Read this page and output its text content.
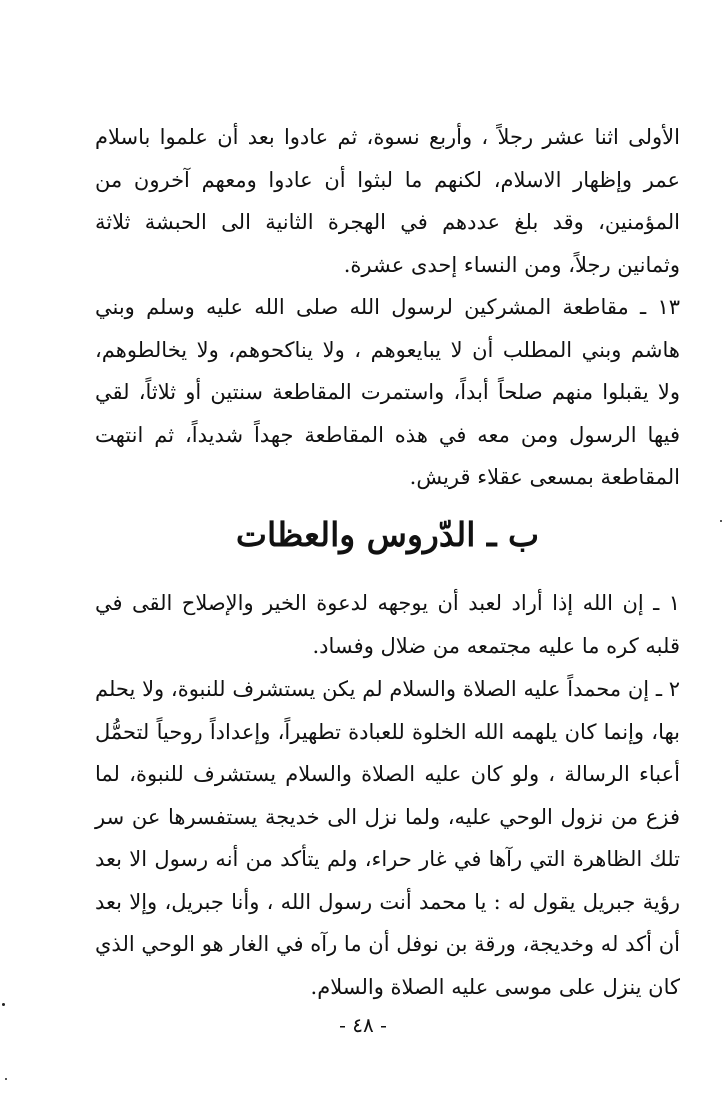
الأولى اثنا عشر رجلاً ، وأربع نسوة، ثم عادوا بعد أن علموا باسلام عمر وإظهار الاسلام، لكنهم ما لبثوا أن عادوا ومعهم آخرون من المؤمنين، وقد بلغ عددهم في الهجرة الثانية الى الحبشة ثلاثة وثمانين رجلاً، ومن النساء إحدى عشرة.

١٣ ـ مقاطعة المشركين لرسول الله صلى الله عليه وسلم وبني هاشم وبني المطلب أن لا يبايعوهم ، ولا يناكحوهم، ولا يخالطوهم، ولا يقبلوا منهم صلحاً أبداً، واستمرت المقاطعة سنتين أو ثلاثاً، لقي فيها الرسول ومن معه في هذه المقاطعة جهداً شديداً، ثم انتهت المقاطعة بمسعى عقلاء قريش.

ب ـ الدّروس والعظات

١ ـ إن الله إذا أراد لعبد أن يوجهه لدعوة الخير والإصلاح القى في قلبه كره ما عليه مجتمعه من ضلال وفساد.

٢ ـ إن محمداً عليه الصلاة والسلام لم يكن يستشرف للنبوة، ولا يحلم بها، وإنما كان يلهمه الله الخلوة للعبادة تطهيراً، وإعداداً روحياً لتحمُّل أعباء الرسالة ، ولو كان عليه الصلاة والسلام يستشرف للنبوة، لما فزع من نزول الوحي عليه، ولما نزل الى خديجة يستفسرها عن سر تلك الظاهرة التي رآها في غار حراء، ولم يتأكد من أنه رسول الا بعد رؤية جبريل يقول له : يا محمد أنت رسول الله ، وأنا جبريل، وإلا بعد أن أكد له وخديجة، ورقة بن نوفل أن ما رآه في الغار هو الوحي الذي كان ينزل على موسى عليه الصلاة والسلام.

- ٤٨ -
